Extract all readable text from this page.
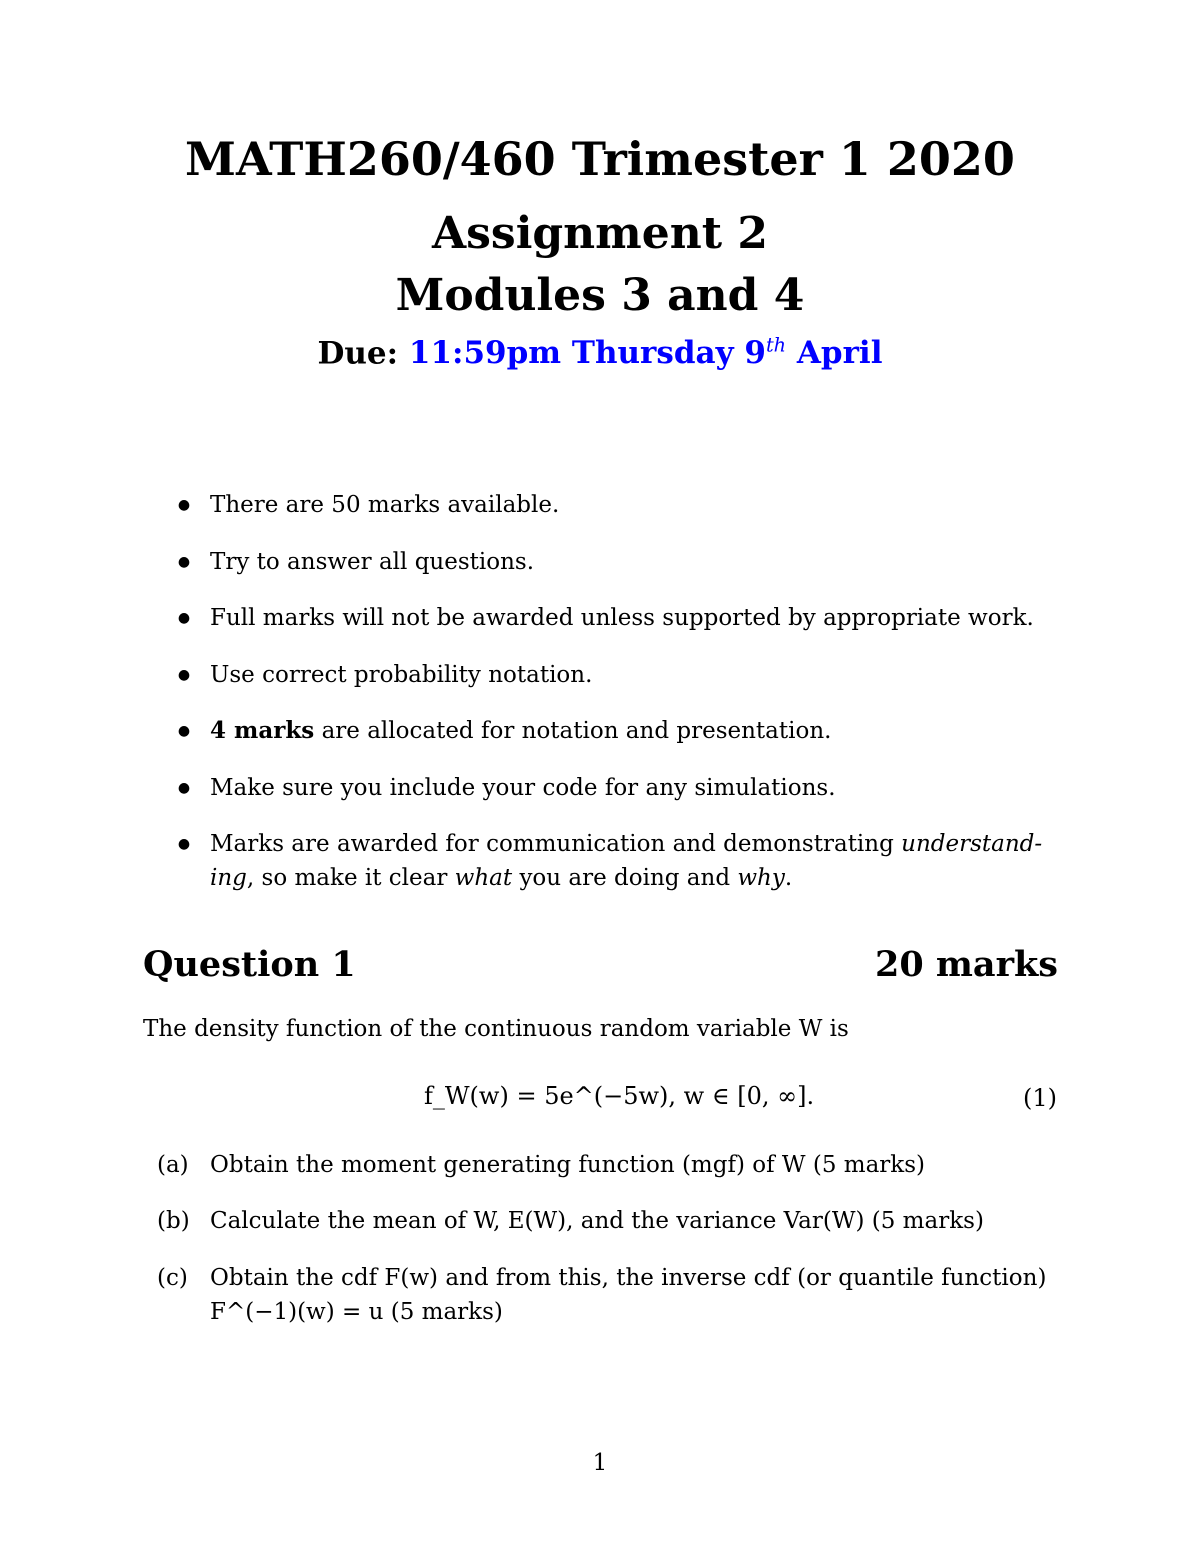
MATH260/460 Trimester 1 2020
Assignment 2
Modules 3 and 4
Due: 11:59pm Thursday 9th April
● There are 50 marks available.
● Try to answer all questions.
● Full marks will not be awarded unless supported by appropriate work.
● Use correct probability notation.
● 4 marks are allocated for notation and presentation.
● Make sure you include your code for any simulations.
● Marks are awarded for communication and demonstrating understand-
ing, so make it clear what you are doing and why.
Question 1	20 marks
The density function of the continuous random variable W is
f_W(w) = 5e^(−5w), w ∈ [0, ∞].	(1)
(a) Obtain the moment generating function (mgf) of W (5 marks)
(b) Calculate the mean of W, E(W), and the variance Var(W) (5 marks)
(c) Obtain the cdf F(w) and from this, the inverse cdf (or quantile function)
F^(−1)(w) = u (5 marks)
1
